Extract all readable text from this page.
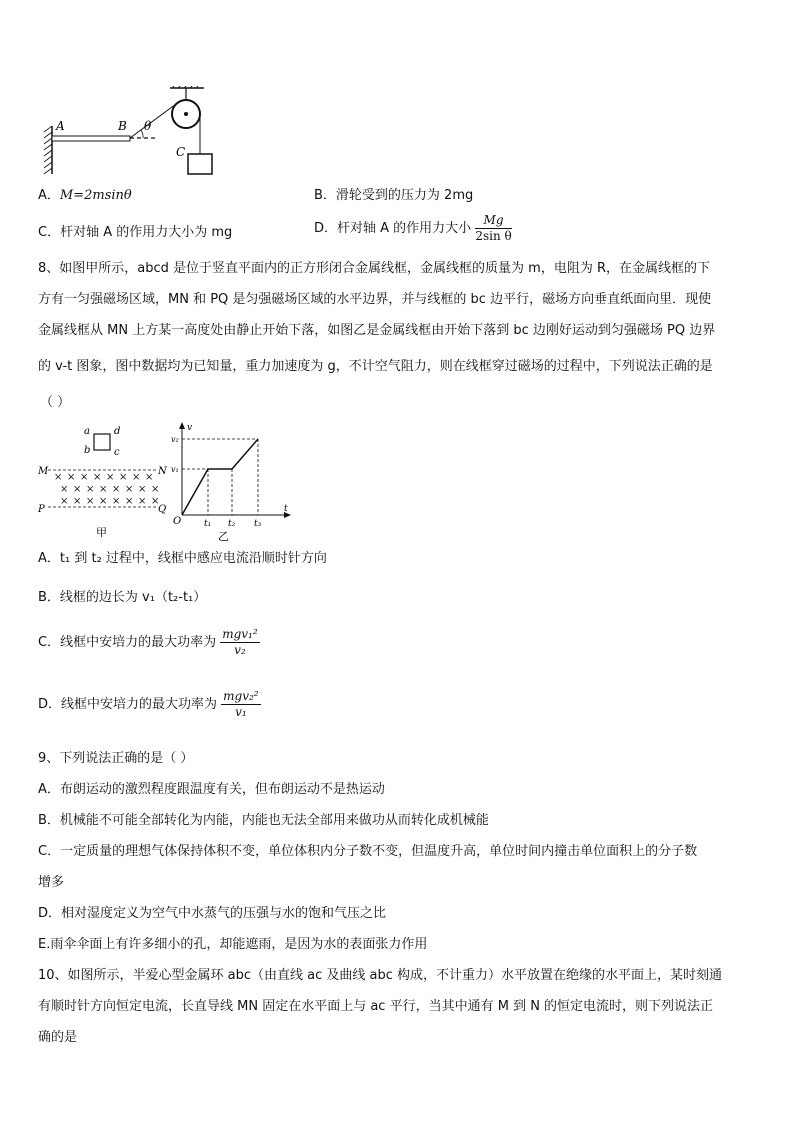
A	B θ
C
A．M=2msinθ	B．滑轮受到的压力为 2mg
C．杆对轴 A 的作用力大小为 mg	D．杆对轴 A 的作用力大小 $\frac{Mg}{\text{2sin θ}}$
8、如图甲所示，abcd 是位于竖直平面内的正方形闭合金属线框，金属线框的质量为 m，电阻为 R，在金属线框的下
方有一匀强磁场区域，MN 和 PQ 是匀强磁场区域的水平边界，并与线框的 bc 边平行，磁场方向垂直纸面向里．现使
金属线框从 MN 上方某一高度处由静止开始下落，如图乙是金属线框由开始下落到 bc 边刚好运动到匀强磁场 PQ 边界
的 v-t 图象，图中数据均为已知量，重力加速度为 g，不计空气阻力，则在线框穿过磁场的过程中，下列说法正确的是
（ ）
a d
b c
M	N
× × × × × × × ×
× × × × × × × ×
× × × × × × × ×
P	Q
甲
v
t
O
v₂
v₁
t₁ t₂ t₃
乙
A．t₁ 到 t₂ 过程中，线框中感应电流沿顺时针方向
B．线框的边长为 v₁（t₂-t₁）
C．线框中安培力的最大功率为 $\frac{\text{mgv₁²}}{\text{v₂}}$
D．线框中安培力的最大功率为 $\frac{\text{mgv₂²}}{\text{v₁}}$
9、下列说法正确的是（ ）
A．布朗运动的激烈程度跟温度有关，但布朗运动不是热运动
B．机械能不可能全部转化为内能，内能也无法全部用来做功从而转化成机械能
C．一定质量的理想气体保持体积不变，单位体积内分子数不变，但温度升高，单位时间内撞击单位面积上的分子数
增多
D．相对湿度定义为空气中水蒸气的压强与水的饱和气压之比
E.雨伞伞面上有许多细小的孔，却能遮雨，是因为水的表面张力作用
10、如图所示，半爱心型金属环 abc（由直线 ac 及曲线 abc 构成，不计重力）水平放置在绝缘的水平面上，某时刻通
有顺时针方向恒定电流，长直导线 MN 固定在水平面上与 ac 平行，当其中通有 M 到 N 的恒定电流时，则下列说法正
确的是
